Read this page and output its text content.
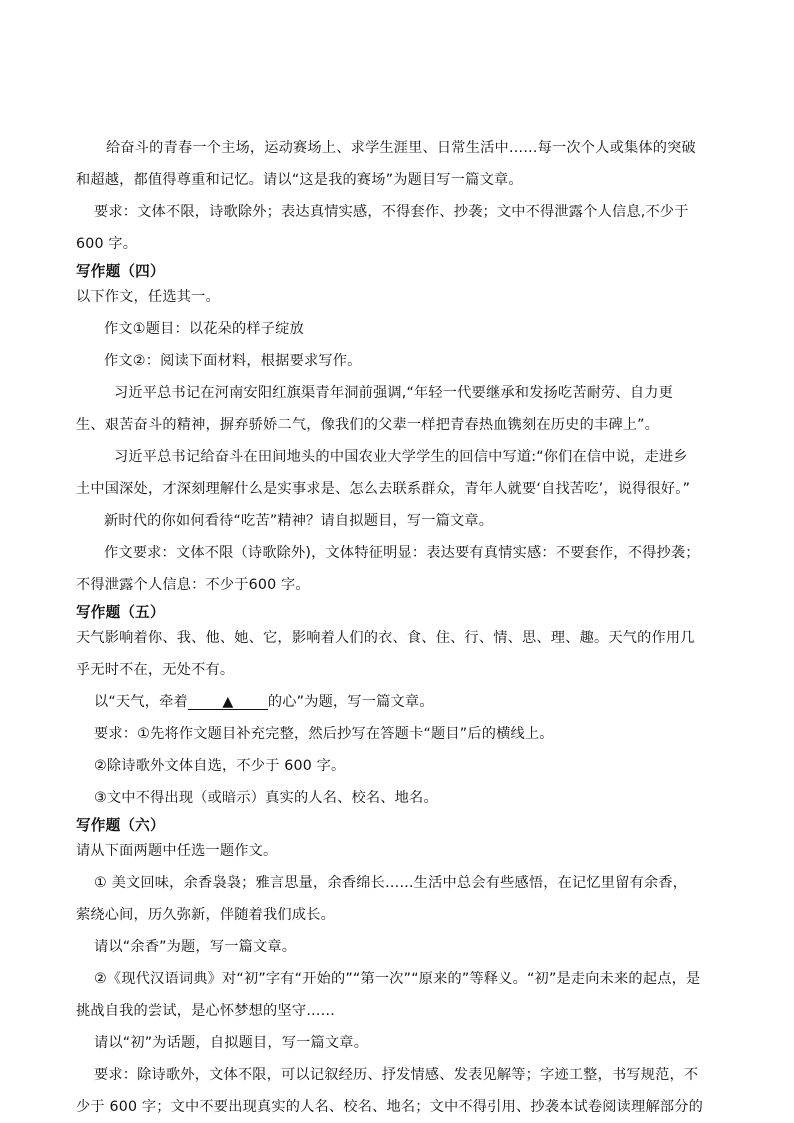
给奋斗的青春一个主场，运动赛场上、求学生涯里、日常生活中……每一次个人或集体的突破
和超越，都值得尊重和记忆。请以“这是我的赛场”为题目写一篇文章。
要求：文体不限，诗歌除外；表达真情实感，不得套作、抄袭；文中不得泄露个人信息,不少于
600 字。
写作题（四）
以下作文，任选其一。
作文①题目：以花朵的样子绽放
作文②：阅读下面材料，根据要求写作。
习近平总书记在河南安阳红旗渠青年洞前强调,“年轻一代要继承和发扬吃苦耐劳、自力更
生、艰苦奋斗的精神，摒弃骄娇二气，像我们的父辈一样把青春热血镌刻在历史的丰碑上”。
习近平总书记给奋斗在田间地头的中国农业大学学生的回信中写道:“你们在信中说，走进乡
土中国深处，才深刻理解什么是实事求是、怎么去联系群众，青年人就要‘自找苦吃’，说得很好。”
新时代的你如何看待“吃苦”精神？请自拟题目，写一篇文章。
作文要求：文体不限（诗歌除外)，文体特征明显：表达要有真情实感：不要套作，不得抄袭；
不得泄露个人信息：不少于600 字。
写作题（五）
天气影响着你、我、他、她、它，影响着人们的衣、食、住、行、情、思、理、趣。天气的作用几
乎无时不在，无处不有。
以“天气，牵着 ▲ 的心”为题，写一篇文章。
要求：①先将作文题目补充完整，然后抄写在答题卡“题目”后的横线上。
②除诗歌外文体自选，不少于 600 字。
③文中不得出现（或暗示）真实的人名、校名、地名。
写作题（六）
请从下面两题中任选一题作文。
① 美文回味，余香袅袅；雅言思量，余香绵长……生活中总会有些感悟，在记忆里留有余香，
萦绕心间，历久弥新，伴随着我们成长。
请以“余香”为题，写一篇文章。
②《现代汉语词典》对“初”字有“开始的”“第一次”“原来的”等释义。“初”是走向未来的起点，是
挑战自我的尝试，是心怀梦想的坚守……
请以“初”为话题，自拟题目，写一篇文章。
要求：除诗歌外，文体不限，可以记叙经历、抒发情感、发表见解等；字迹工整，书写规范，不
少于 600 字；文中不要出现真实的人名、校名、地名；文中不得引用、抄袭本试卷阅读理解部分的
